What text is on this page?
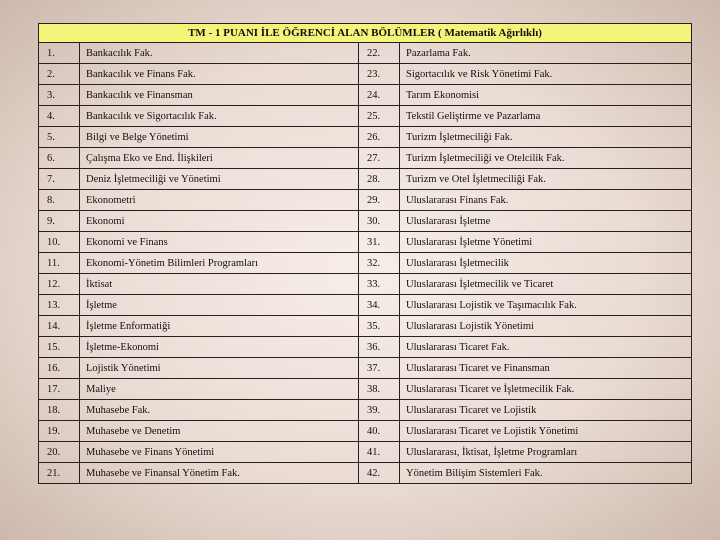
TM - 1 PUANI İLE ÖĞRENCİ ALAN BÖLÜMLER ( Matematik Ağırlıklı)			
1.	Bankacılık Fak.	22.	Pazarlama Fak.
2.	Bankacılık ve Finans Fak.	23.	Sigortacılık ve Risk Yönetimi Fak.
3.	Bankacılık ve Finansman	24.	Tarım Ekonomisi
4.	Bankacılık ve Sigortacılık Fak.	25.	Tekstil Geliştirme ve Pazarlama
5.	Bilgi ve Belge Yönetimi	26.	Turizm İşletmeciliği Fak.
6.	Çalışma Eko ve End. İlişkileri	27.	Turizm İşletmeciliği ve Otelcilik Fak.
7.	Deniz İşletmeciliği ve Yönetimi	28.	Turizm ve Otel İşletmeciliği Fak.
8.	Ekonometri	29.	Uluslararası Finans Fak.
9.	Ekonomi	30.	Uluslararası İşletme
10.	Ekonomi ve Finans	31.	Uluslararası İşletme Yönetimi
11.	Ekonomi-Yönetim Bilimleri Programları	32.	Uluslararası İşletmecilik
12.	İktisat	33.	Uluslararası İşletmecilik ve Ticaret
13.	İşletme	34.	Uluslararası Lojistik ve Taşımacılık Fak.
14.	İşletme Enformatiği	35.	Uluslararası Lojistik Yönetimi
15.	İşletme-Ekonomi	36.	Uluslararası Ticaret Fak.
16.	Lojistik Yönetimi	37.	Uluslararası Ticaret ve Finansman
17.	Maliye	38.	Uluslararası Ticaret ve İşletmecilik Fak.
18.	Muhasebe Fak.	39.	Uluslararası Ticaret ve Lojistik
19.	Muhasebe ve Denetim	40.	Uluslararası Ticaret ve Lojistik Yönetimi
20.	Muhasebe ve Finans Yönetimi	41.	Uluslararası, İktisat, İşletme Programları
21.	Muhasebe ve Finansal Yönetim Fak.	42.	Yönetim Bilişim Sistemleri Fak.
